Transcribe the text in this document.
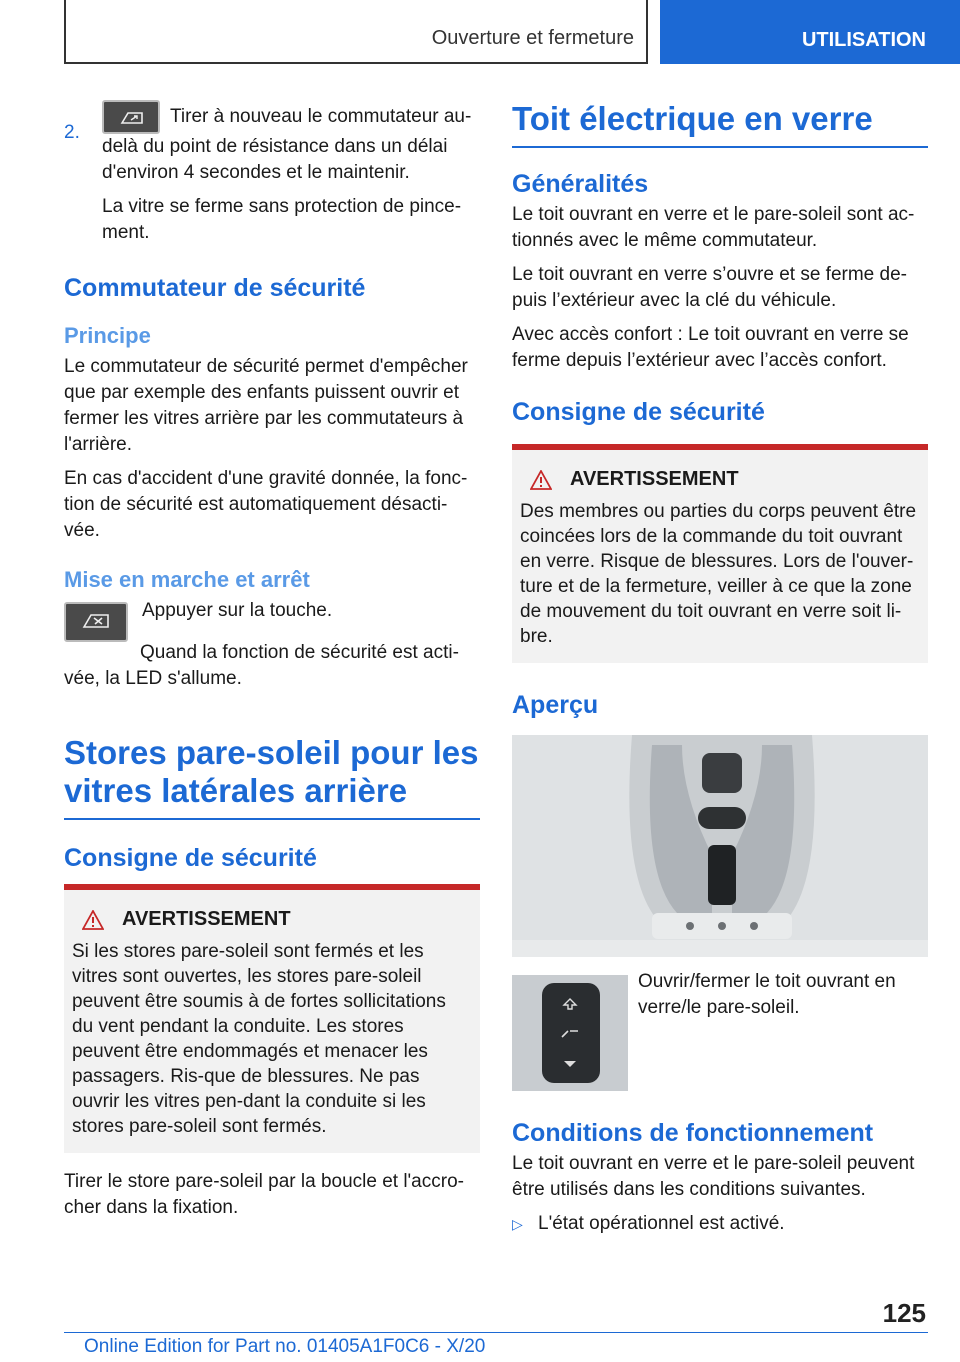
Ouverture et fermeture	UTILISATION
2.

Tirer à nouveau le commutateur au-delà du point de résistance dans un délai d'environ 4 secondes et le maintenir.

La vitre se ferme sans protection de pince-ment.

Commutateur de sécurité
Principe

Le commutateur de sécurité permet d'empêcher que par exemple des enfants puissent ouvrir et fermer les vitres arrière par les commutateurs à l'arrière.

En cas d'accident d'une gravité donnée, la fonc-tion de sécurité est automatiquement désacti-vée.

Mise en marche et arrêt

Appuyer sur la touche.

Quand la fonction de sécurité est acti-vée, la LED s'allume.

Stores pare-soleil pour les vitres latérales arrière
Consigne de sécurité
AVERTISSEMENT

Si les stores pare-soleil sont fermés et les vitres sont ouvertes, les stores pare-soleil peuvent être soumis à de fortes sollicitations du vent pendant la conduite. Les stores peuvent être endommagés et menacer les passagers. Ris-que de blessures. Ne pas ouvrir les vitres pen-dant la conduite si les stores pare-soleil sont fermés.

Tirer le store pare-soleil par la boucle et l'accro-cher dans la fixation.

Toit électrique en verre
Généralités

Le toit ouvrant en verre et le pare-soleil sont ac-tionnés avec le même commutateur.

Le toit ouvrant en verre s’ouvre et se ferme de-puis l’extérieur avec la clé du véhicule.

Avec accès confort : Le toit ouvrant en verre se ferme depuis l’extérieur avec l’accès confort.

Consigne de sécurité
AVERTISSEMENT

Des membres ou parties du corps peuvent être coincées lors de la commande du toit ouvrant en verre. Risque de blessures. Lors de l'ouver-ture et de la fermeture, veiller à ce que la zone de mouvement du toit ouvrant en verre soit li-bre.

Aperçu

Ouvrir/fermer le toit ouvrant en verre/le pare-soleil.

Conditions de fonctionnement

Le toit ouvrant en verre et le pare-soleil peuvent être utilisés dans les conditions suivantes.

▷ L'état opérationnel est activé.
125
Online Edition for Part no. 01405A1F0C6 - X/20
